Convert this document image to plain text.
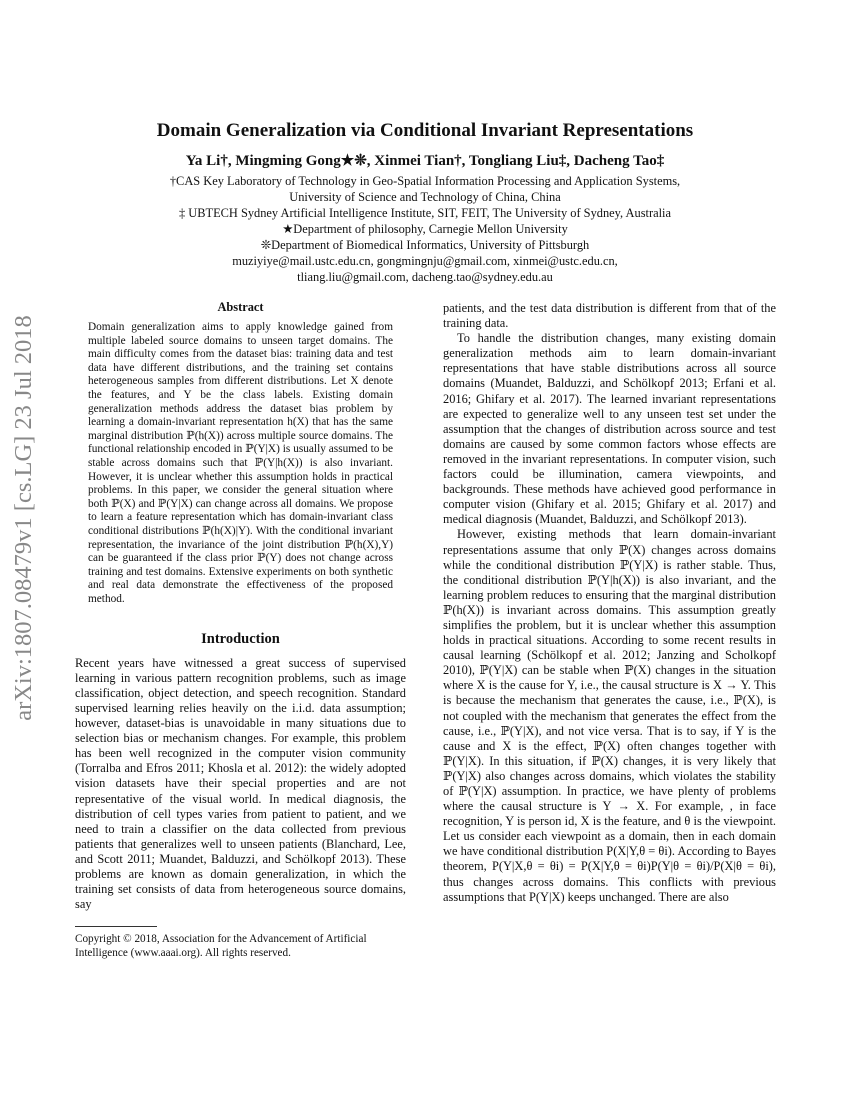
arXiv:1807.08479v1 [cs.LG] 23 Jul 2018
Domain Generalization via Conditional Invariant Representations
Ya Li†, Mingming Gong★❊, Xinmei Tian†, Tongliang Liu‡, Dacheng Tao‡
†CAS Key Laboratory of Technology in Geo-Spatial Information Processing and Application Systems,
University of Science and Technology of China, China
‡ UBTECH Sydney Artificial Intelligence Institute, SIT, FEIT, The University of Sydney, Australia
★Department of philosophy, Carnegie Mellon University
❊Department of Biomedical Informatics, University of Pittsburgh
muziyiye@mail.ustc.edu.cn, gongmingnju@gmail.com, xinmei@ustc.edu.cn,
tliang.liu@gmail.com, dacheng.tao@sydney.edu.au
Abstract
Domain generalization aims to apply knowledge gained from multiple labeled source domains to unseen target domains. The main difficulty comes from the dataset bias: training data and test data have different distributions, and the training set contains heterogeneous samples from different distributions. Let X denote the features, and Y be the class labels. Existing domain generalization methods address the dataset bias problem by learning a domain-invariant representation h(X) that has the same marginal distribution ℙ(h(X)) across multiple source domains. The functional relationship encoded in ℙ(Y|X) is usually assumed to be stable across domains such that ℙ(Y|h(X)) is also invariant. However, it is unclear whether this assumption holds in practical problems. In this paper, we consider the general situation where both ℙ(X) and ℙ(Y|X) can change across all domains. We propose to learn a feature representation which has domain-invariant class conditional distributions ℙ(h(X)|Y). With the conditional invariant representation, the invariance of the joint distribution ℙ(h(X),Y) can be guaranteed if the class prior ℙ(Y) does not change across training and test domains. Extensive experiments on both synthetic and real data demonstrate the effectiveness of the proposed method.
Introduction

Recent years have witnessed a great success of supervised learning in various pattern recognition problems, such as image classification, object detection, and speech recognition. Standard supervised learning relies heavily on the i.i.d. data assumption; however, dataset-bias is unavoidable in many situations due to selection bias or mechanism changes. For example, this problem has been well recognized in the computer vision community (Torralba and Efros 2011; Khosla et al. 2012): the widely adopted vision datasets have their special properties and are not representative of the visual world. In medical diagnosis, the distribution of cell types varies from patient to patient, and we need to train a classifier on the data collected from previous patients that generalizes well to unseen patients (Blanchard, Lee, and Scott 2011; Muandet, Balduzzi, and Schölkopf 2013). These problems are known as domain generalization, in which the training set consists of data from heterogeneous source domains, say

Copyright © 2018, Association for the Advancement of Artificial Intelligence (www.aaai.org). All rights reserved.

patients, and the test data distribution is different from that of the training data.

To handle the distribution changes, many existing domain generalization methods aim to learn domain-invariant representations that have stable distributions across all source domains (Muandet, Balduzzi, and Schölkopf 2013; Erfani et al. 2016; Ghifary et al. 2017). The learned invariant representations are expected to generalize well to any unseen test set under the assumption that the changes of distribution across source and test domains are caused by some common factors whose effects are removed in the invariant representations. In computer vision, such factors could be illumination, camera viewpoints, and backgrounds. These methods have achieved good performance in computer vision (Ghifary et al. 2015; Ghifary et al. 2017) and medical diagnosis (Muandet, Balduzzi, and Schölkopf 2013).

However, existing methods that learn domain-invariant representations assume that only ℙ(X) changes across domains while the conditional distribution ℙ(Y|X) is rather stable. Thus, the conditional distribution ℙ(Y|h(X)) is also invariant, and the learning problem reduces to ensuring that the marginal distribution ℙ(h(X)) is invariant across domains. This assumption greatly simplifies the problem, but it is unclear whether this assumption holds in practical situations. According to some recent results in causal learning (Schölkopf et al. 2012; Janzing and Scholkopf 2010), ℙ(Y|X) can be stable when ℙ(X) changes in the situation where X is the cause for Y, i.e., the causal structure is X → Y. This is because the mechanism that generates the cause, i.e., ℙ(X), is not coupled with the mechanism that generates the effect from the cause, i.e., ℙ(Y|X), and not vice versa. That is to say, if Y is the cause and X is the effect, ℙ(X) often changes together with ℙ(Y|X). In this situation, if ℙ(X) changes, it is very likely that ℙ(Y|X) also changes across domains, which violates the stability of ℙ(Y|X) assumption. In practice, we have plenty of problems where the causal structure is Y → X. For example, , in face recognition, Y is person id, X is the feature, and θ is the viewpoint. Let us consider each viewpoint as a domain, then in each domain we have conditional distribution P(X|Y,θ = θi). According to Bayes theorem, P(Y|X,θ = θi) = P(X|Y,θ = θi)P(Y|θ = θi)/P(X|θ = θi), thus changes across domains. This conflicts with previous assumptions that P(Y|X) keeps unchanged. There are also
